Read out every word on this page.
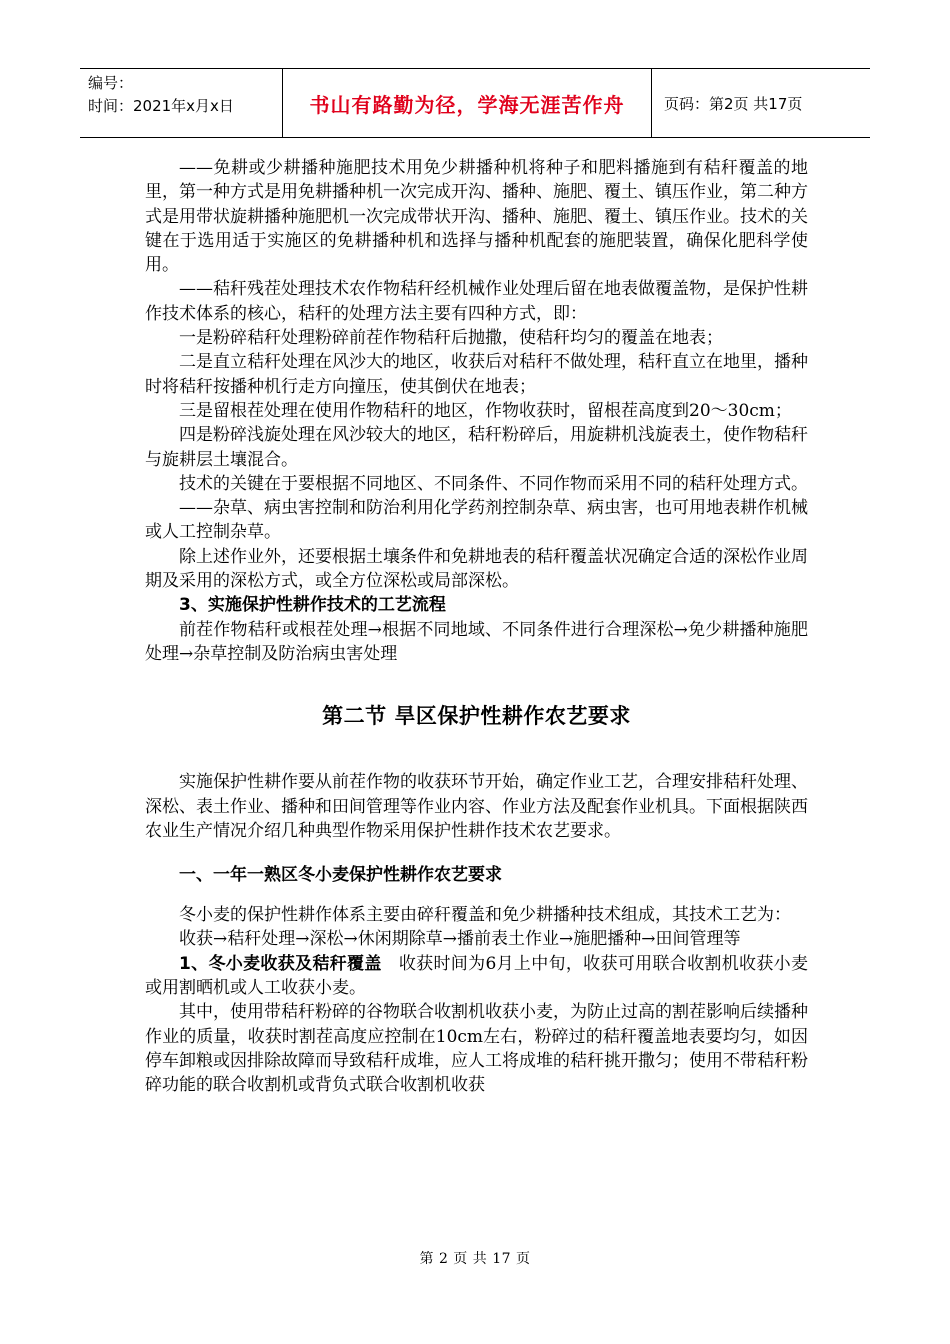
编号：
时间：2021年x月x日	书山有路勤为径，学海无涯苦作舟	页码：第2页 共17页

——免耕或少耕播种施肥技术用免少耕播种机将种子和肥料播施到有秸秆覆盖的地里，第一种方式是用免耕播种机一次完成开沟、播种、施肥、覆土、镇压作业，第二种方式是用带状旋耕播种施肥机一次完成带状开沟、播种、施肥、覆土、镇压作业。技术的关键在于选用适于实施区的免耕播种机和选择与播种机配套的施肥装置，确保化肥科学使用。

——秸秆残茬处理技术农作物秸秆经机械作业处理后留在地表做覆盖物，是保护性耕作技术体系的核心，秸秆的处理方法主要有四种方式，即：

一是粉碎秸秆处理粉碎前茬作物秸秆后抛撒，使秸秆均匀的覆盖在地表；

二是直立秸秆处理在风沙大的地区，收获后对秸秆不做处理，秸秆直立在地里，播种时将秸秆按播种机行走方向撞压，使其倒伏在地表；

三是留根茬处理在使用作物秸秆的地区，作物收获时，留根茬高度到20～30cm；

四是粉碎浅旋处理在风沙较大的地区，秸秆粉碎后，用旋耕机浅旋表土，使作物秸秆与旋耕层土壤混合。

技术的关键在于要根据不同地区、不同条件、不同作物而采用不同的秸秆处理方式。

——杂草、病虫害控制和防治利用化学药剂控制杂草、病虫害，也可用地表耕作机械或人工控制杂草。

除上述作业外，还要根据土壤条件和免耕地表的秸秆覆盖状况确定合适的深松作业周期及采用的深松方式，或全方位深松或局部深松。

3、实施保护性耕作技术的工艺流程

前茬作物秸秆或根茬处理→根据不同地域、不同条件进行合理深松→免少耕播种施肥处理→杂草控制及防治病虫害处理

第二节 旱区保护性耕作农艺要求

实施保护性耕作要从前茬作物的收获环节开始，确定作业工艺，合理安排秸秆处理、深松、表土作业、播种和田间管理等作业内容、作业方法及配套作业机具。下面根据陕西农业生产情况介绍几种典型作物采用保护性耕作技术农艺要求。

一、一年一熟区冬小麦保护性耕作农艺要求

冬小麦的保护性耕作体系主要由碎秆覆盖和免少耕播种技术组成，其技术工艺为：

收获→秸秆处理→深松→休闲期除草→播前表土作业→施肥播种→田间管理等

1、冬小麦收获及秸秆覆盖 收获时间为6月上中旬，收获可用联合收割机收获小麦或用割晒机或人工收获小麦。

其中，使用带秸秆粉碎的谷物联合收割机收获小麦，为防止过高的割茬影响后续播种作业的质量，收获时割茬高度应控制在10cm左右，粉碎过的秸秆覆盖地表要均匀，如因停车卸粮或因排除故障而导致秸秆成堆，应人工将成堆的秸秆挑开撒匀；使用不带秸秆粉碎功能的联合收割机或背负式联合收割机收获

第 2 页 共 17 页
